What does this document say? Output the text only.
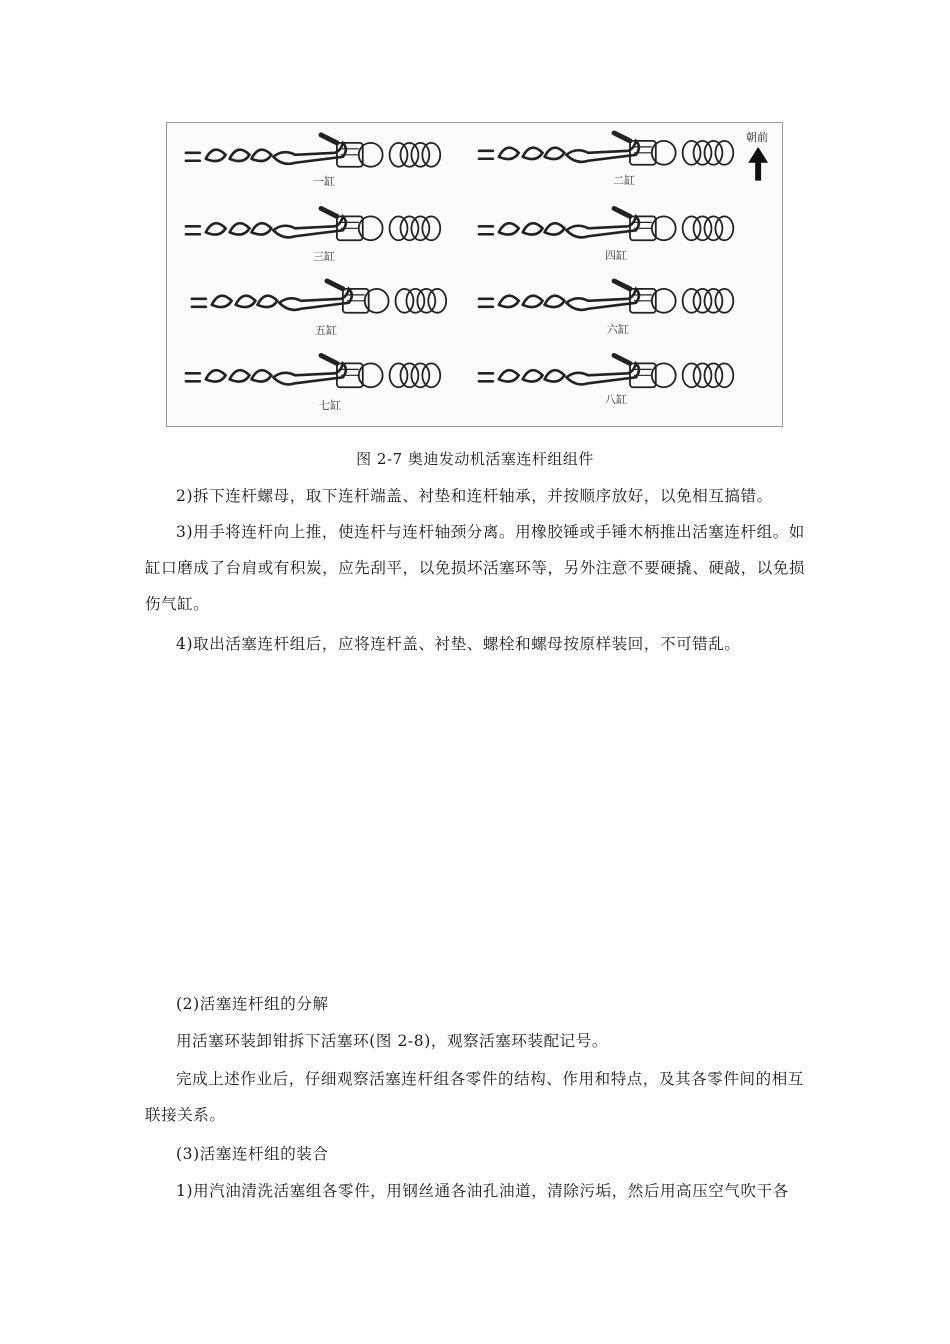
朝前
一缸	二缸
三缸	四缸
五缸	六缸
七缸	八缸
图 2-7 奥迪发动机活塞连杆组组件

2)拆下连杆螺母，取下连杆端盖、衬垫和连杆轴承，并按顺序放好，以免相互搞错。

3)用手将连杆向上推，使连杆与连杆轴颈分离。用橡胶锤或手锤木柄推出活塞连杆组。如缸口磨成了台肩或有积炭，应先刮平，以免损坏活塞环等，另外注意不要硬撬、硬敲，以免损伤气缸。

4)取出活塞连杆组后，应将连杆盖、衬垫、螺栓和螺母按原样装回，不可错乱。

(2)活塞连杆组的分解

用活塞环装卸钳拆下活塞环(图 2-8)，观察活塞环装配记号。

完成上述作业后，仔细观察活塞连杆组各零件的结构、作用和特点，及其各零件间的相互联接关系。

(3)活塞连杆组的装合

1)用汽油清洗活塞组各零件，用钢丝通各油孔油道，清除污垢，然后用高压空气吹干各
